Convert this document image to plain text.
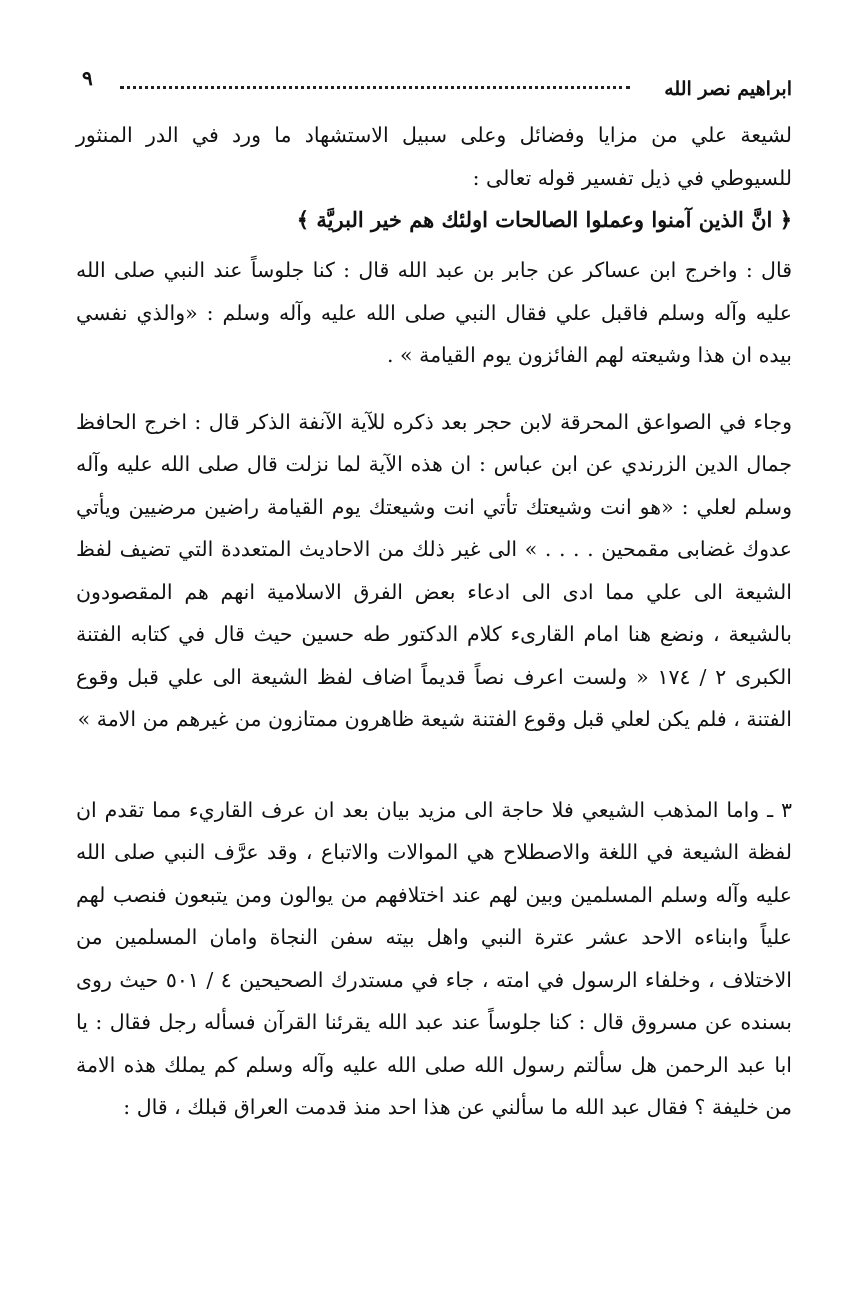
ابراهيم نصر الله
٩

لشيعة علي من مزايا وفضائل وعلى سبيل الاستشهاد ما ورد في الدر المنثور للسيوطي في ذيل تفسير قوله تعالى :

﴿ انَّ الذين آمنوا وعملوا الصالحات اولئك هم خير البريَّة ﴾

قال : واخرج ابن عساكر عن جابر بن عبد الله قال : كنا جلوساً عند النبي صلى الله عليه وآله وسلم فاقبل علي فقال النبي صلى الله عليه وآله وسلم : «والذي نفسي بيده ان هذا وشيعته لهم الفائزون يوم القيامة » .

وجاء في الصواعق المحرقة لابن حجر بعد ذكره للآية الآنفة الذكر قال : اخرج الحافظ جمال الدين الزرندي عن ابن عباس : ان هذه الآية لما نزلت قال صلى الله عليه وآله وسلم لعلي : «هو انت وشيعتك تأتي انت وشيعتك يوم القيامة راضين مرضيين ويأتي عدوك غضابى مقمحين . . . . » الى غير ذلك من الاحاديث المتعددة التي تضيف لفظ الشيعة الى علي مما ادى الى ادعاء بعض الفرق الاسلامية انهم هم المقصودون بالشيعة ، ونضع هنا امام القارىء كلام الدكتور طه حسين حيث قال في كتابه الفتنة الكبرى ٢ / ١٧٤ « ولست اعرف نصاً قديماً اضاف لفظ الشيعة الى علي قبل وقوع الفتنة ، فلم يكن لعلي قبل وقوع الفتنة شيعة ظاهرون ممتازون من غيرهم من الامة »

٣ ـ واما المذهب الشيعي فلا حاجة الى مزيد بيان بعد ان عرف القاريء مما تقدم ان لفظة الشيعة في اللغة والاصطلاح هي الموالات والاتباع ، وقد عرَّف النبي صلى الله عليه وآله وسلم المسلمين وبين لهم عند اختلافهم من يوالون ومن يتبعون فنصب لهم علياً وابناءه الاحد عشر عترة النبي واهل بيته سفن النجاة وامان المسلمين من الاختلاف ، وخلفاء الرسول في امته ، جاء في مستدرك الصحيحين ٤ / ٥٠١ حيث روى بسنده عن مسروق قال : كنا جلوساً عند عبد الله يقرئنا القرآن فسأله رجل فقال : يا ابا عبد الرحمن هل سألتم رسول الله صلى الله عليه وآله وسلم كم يملك هذه الامة من خليفة ؟ فقال عبد الله ما سألني عن هذا احد منذ قدمت العراق قبلك ، قال :
